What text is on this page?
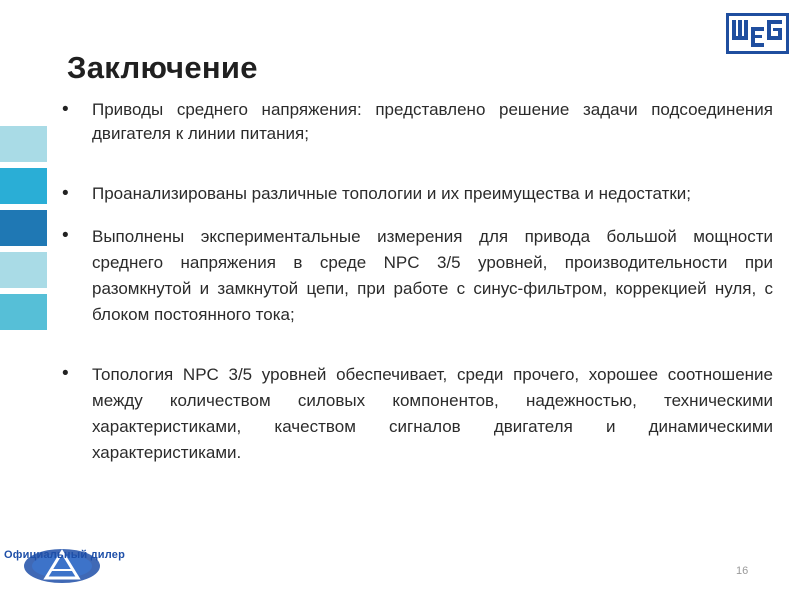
Заключение
• Приводы среднего напряжения: представлено решение задачи подсоединения двигателя к линии питания;
• Проанализированы различные топологии и их преимущества и недостатки;
• Выполнены экспериментальные измерения для привода большой мощности среднего напряжения в среде NPC 3/5 уровней, производительности при разомкнутой и замкнутой цепи, при работе с синус-фильтром, коррекцией нуля, с блоком постоянного тока;
• Топология NPC 3/5 уровней обеспечивает, среди прочего, хорошее соотношение между количеством силовых компонентов, надежностью, техническими характеристиками, качеством сигналов двигателя и динамическими характеристиками.
Официальный дилер
16
